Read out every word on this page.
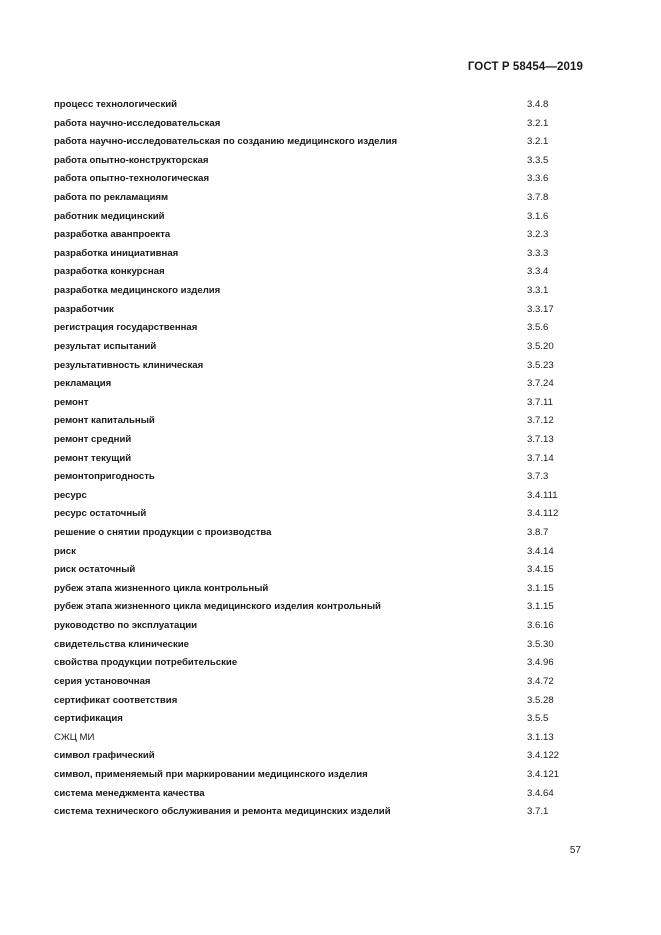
ГОСТ Р 58454—2019
процесс технологический	3.4.8
работа научно-исследовательская	3.2.1
работа научно-исследовательская по созданию медицинского изделия	3.2.1
работа опытно-конструкторская	3.3.5
работа опытно-технологическая	3.3.6
работа по рекламациям	3.7.8
работник медицинский	3.1.6
разработка аванпроекта	3.2.3
разработка инициативная	3.3.3
разработка конкурсная	3.3.4
разработка медицинского изделия	3.3.1
разработчик	3.3.17
регистрация государственная	3.5.6
результат испытаний	3.5.20
результативность клиническая	3.5.23
рекламация	3.7.24
ремонт	3.7.11
ремонт капитальный	3.7.12
ремонт средний	3.7.13
ремонт текущий	3.7.14
ремонтопригодность	3.7.3
ресурс	3.4.111
ресурс остаточный	3.4.112
решение о снятии продукции с производства	3.8.7
риск	3.4.14
риск остаточный	3.4.15
рубеж этапа жизненного цикла контрольный	3.1.15
рубеж этапа жизненного цикла медицинского изделия контрольный	3.1.15
руководство по эксплуатации	3.6.16
свидетельства клинические	3.5.30
свойства продукции потребительские	3.4.96
серия установочная	3.4.72
сертификат соответствия	3.5.28
сертификация	3.5.5
СЖЦ МИ	3.1.13
символ графический	3.4.122
символ, применяемый при маркировании медицинского изделия	3.4.121
система менеджмента качества	3.4.64
система технического обслуживания и ремонта медицинских изделий	3.7.1
57
